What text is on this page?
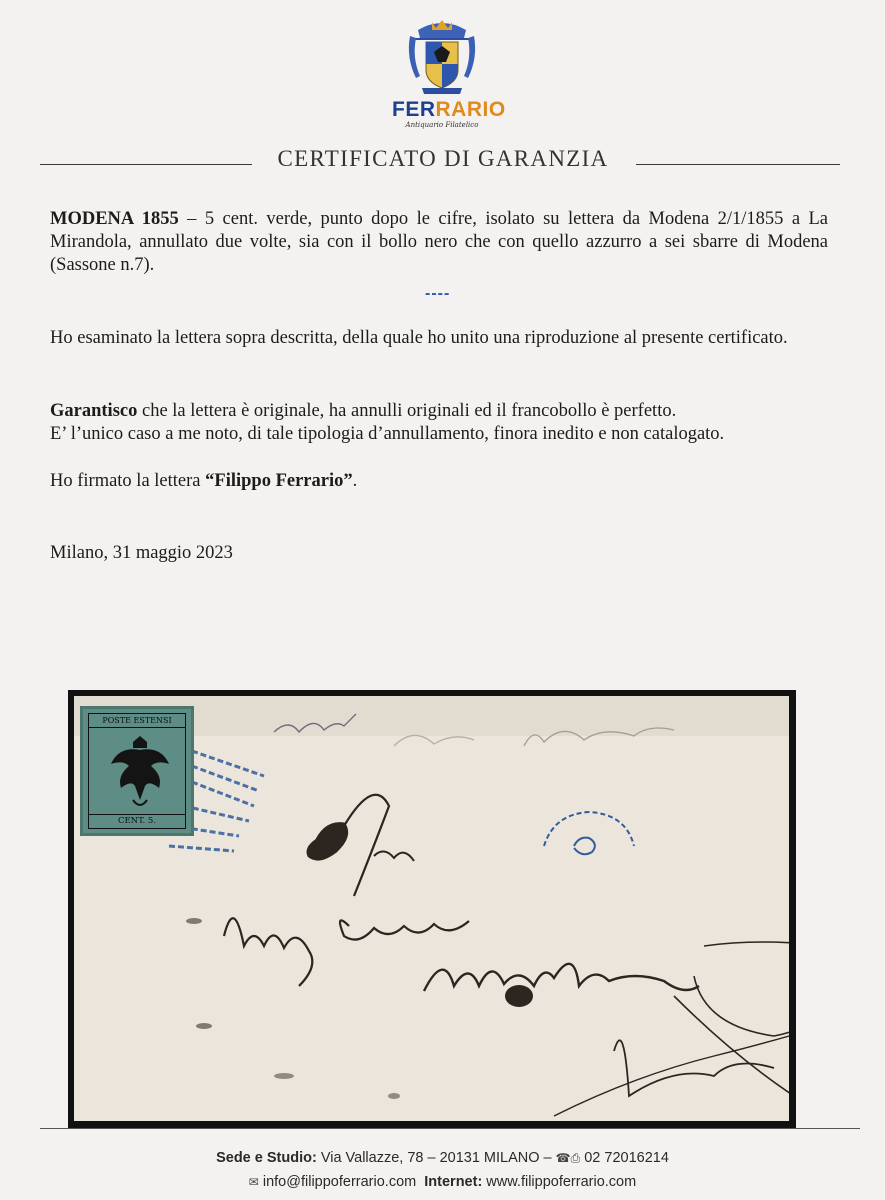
FERRARIO
Antiquario Filatelico
CERTIFICATO DI GARANZIA
MODENA 1855 – 5 cent. verde, punto dopo le cifre, isolato su lettera da Modena 2/1/1855 a La Mirandola, annullato due volte, sia con il bollo nero che con quello azzurro a sei sbarre di Modena (Sassone n.7).
----
Ho esaminato la lettera sopra descritta, della quale ho unito una riproduzione al presente certificato.
Garantisco che la lettera è originale, ha annulli originali ed il francobollo è perfetto.
E’ l’unico caso a me noto, di tale tipologia d’annullamento, finora inedito e non catalogato.
Ho firmato la lettera “Filippo Ferrario”.
Milano, 31 maggio 2023
POSTE ESTENSI
CENT. 5.
Sede e Studio: Via Vallazze, 78 – 20131 MILANO – ☎⎙ 02 72016214
✉ info@filippoferrario.com Internet: www.filippoferrario.com
